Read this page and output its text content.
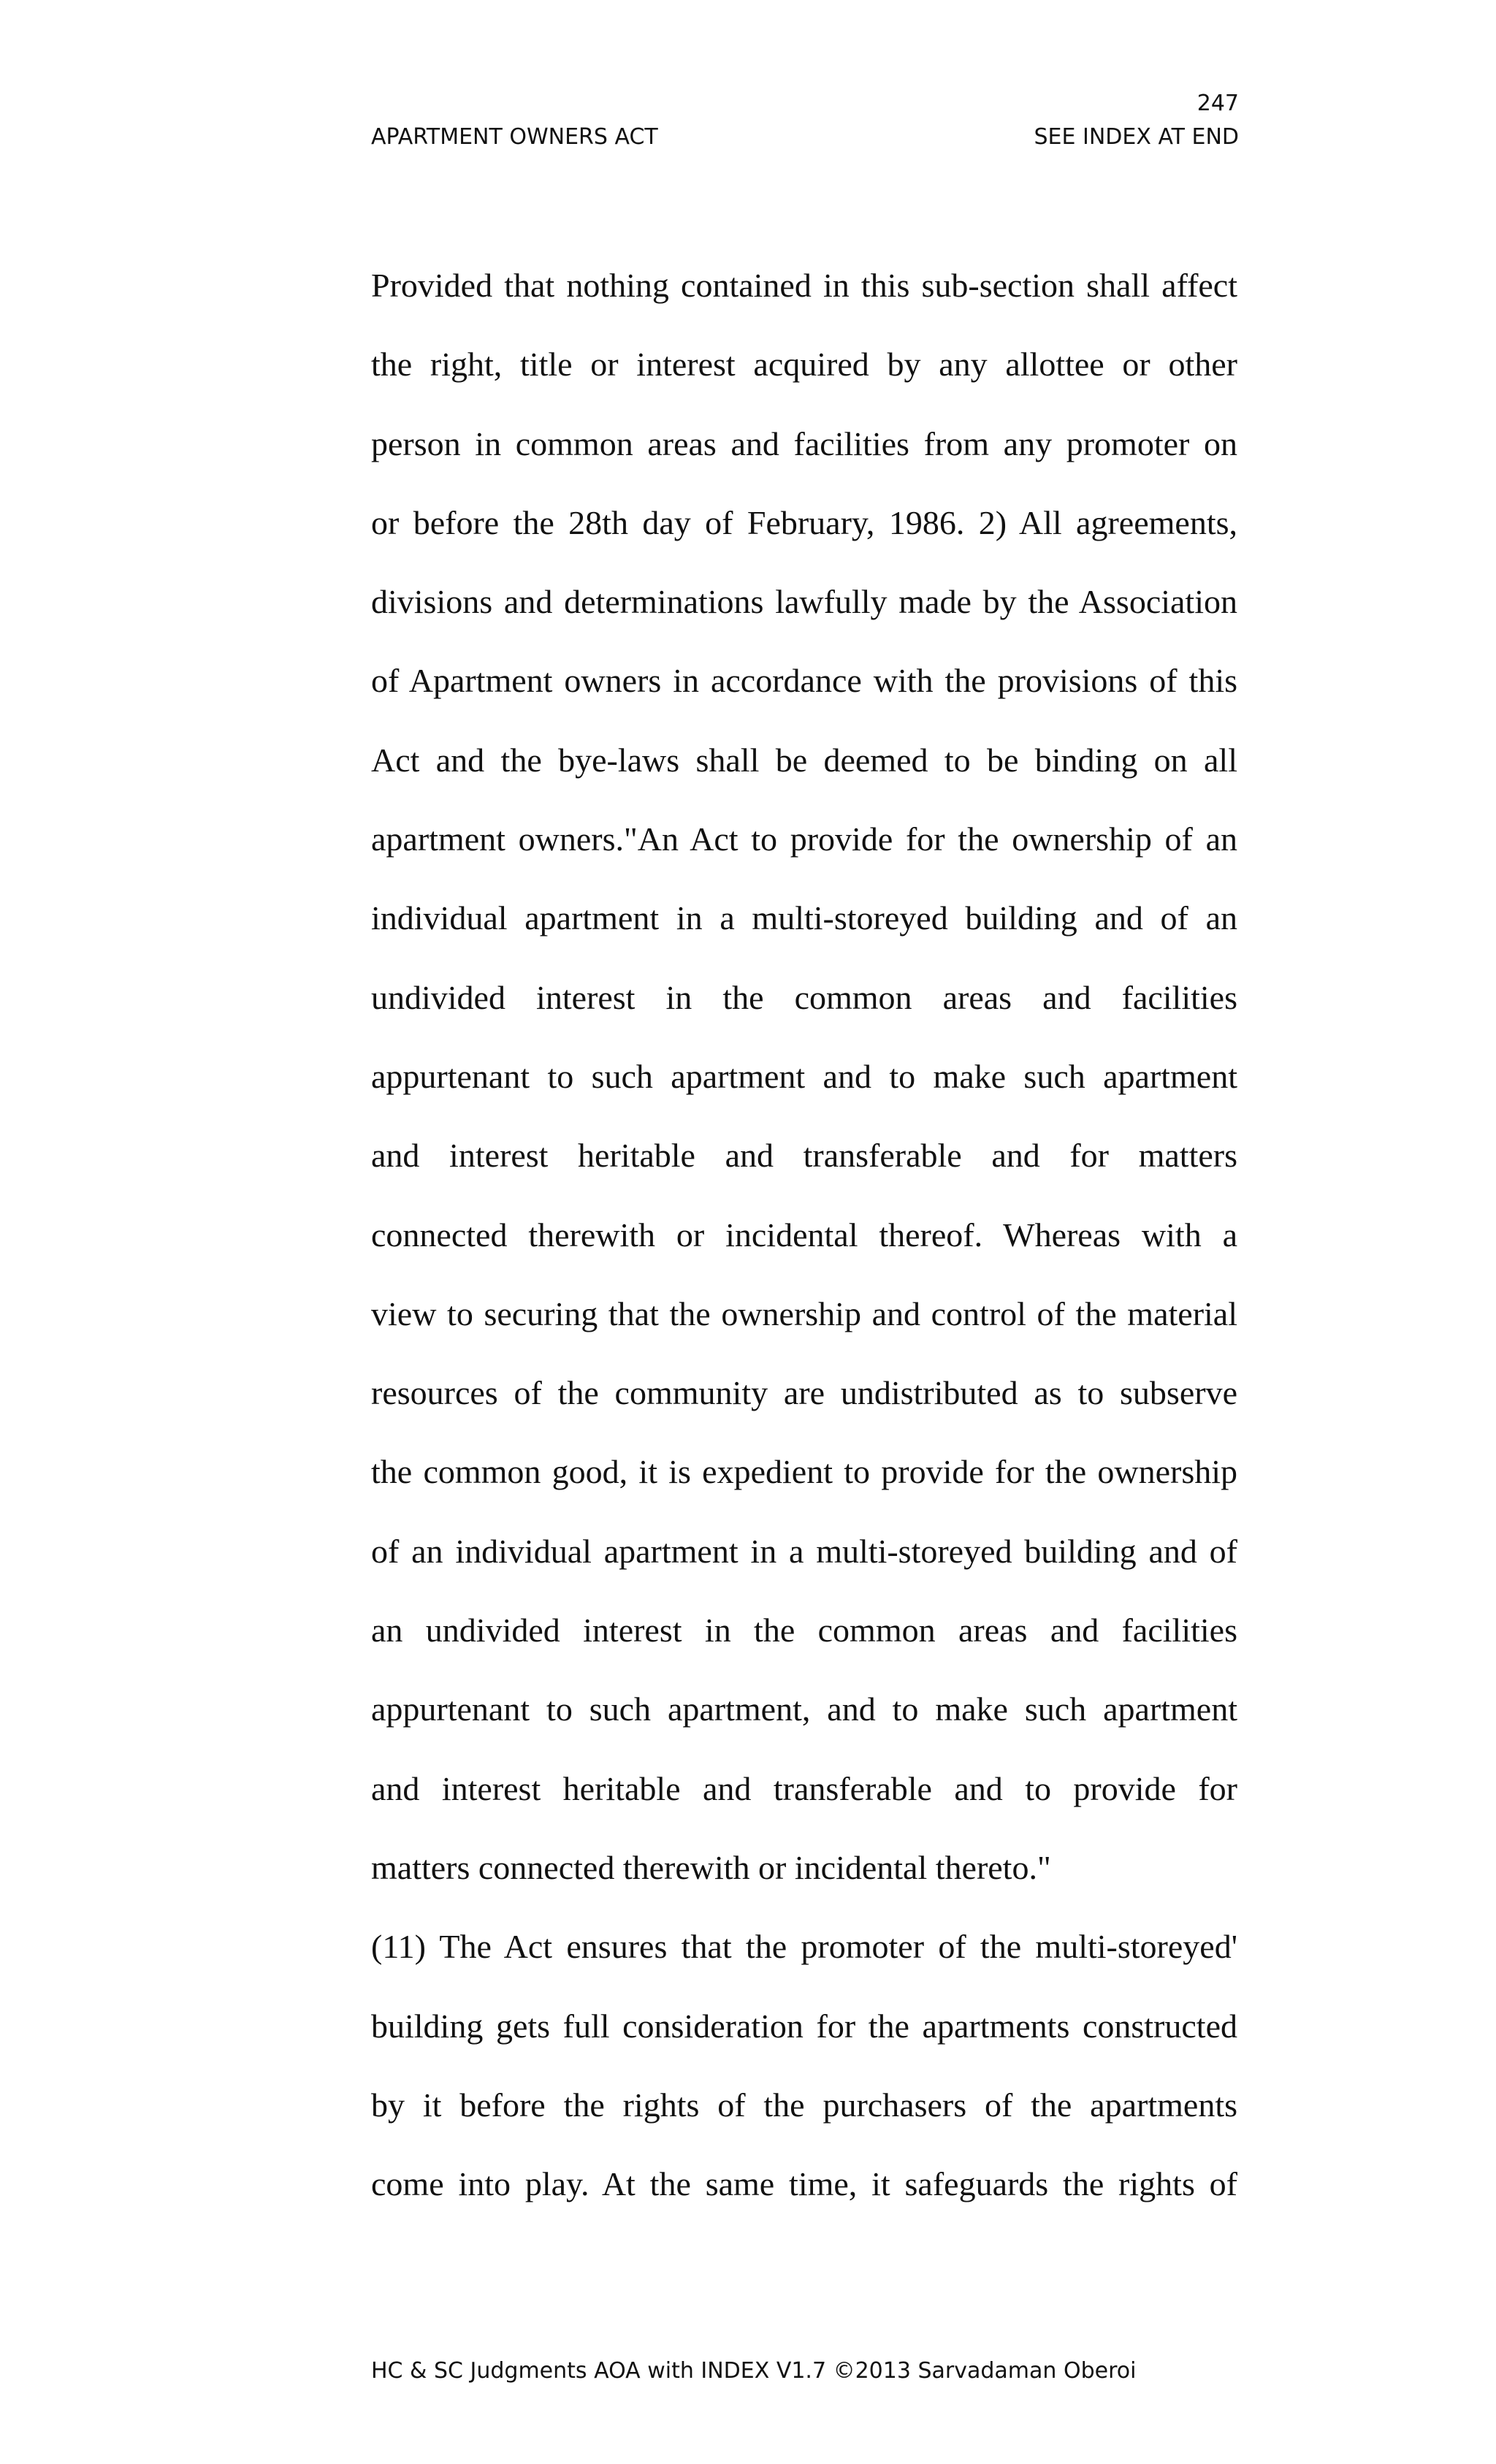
247
APARTMENT OWNERS ACT	SEE INDEX AT END
Provided that nothing contained in this sub-section shall affect
the right, title or interest acquired by any allottee or other
person in common areas and facilities from any promoter on
or before the 28th day of February, 1986. 2) All agreements,
divisions and determinations lawfully made by the Association
of Apartment owners in accordance with the provisions of this
Act and the bye-laws shall be deemed to be binding on all
apartment owners."An Act to provide for the ownership of an
individual apartment in a multi-storeyed building and of an
undivided interest in the common areas and facilities
appurtenant to such apartment and to make such apartment
and interest heritable and transferable and for matters
connected therewith or incidental thereof. Whereas with a
view to securing that the ownership and control of the material
resources of the community are undistributed as to subserve
the common good, it is expedient to provide for the ownership
of an individual apartment in a multi-storeyed building and of
an undivided interest in the common areas and facilities
appurtenant to such apartment, and to make such apartment
and interest heritable and transferable and to provide for
matters connected therewith or incidental thereto."
(11) The Act ensures that the promoter of the multi-storeyed'
building gets full consideration for the apartments constructed
by it before the rights of the purchasers of the apartments
come into play. At the same time, it safeguards the rights of
HC & SC Judgments AOA with INDEX V1.7 ©2013 Sarvadaman Oberoi
